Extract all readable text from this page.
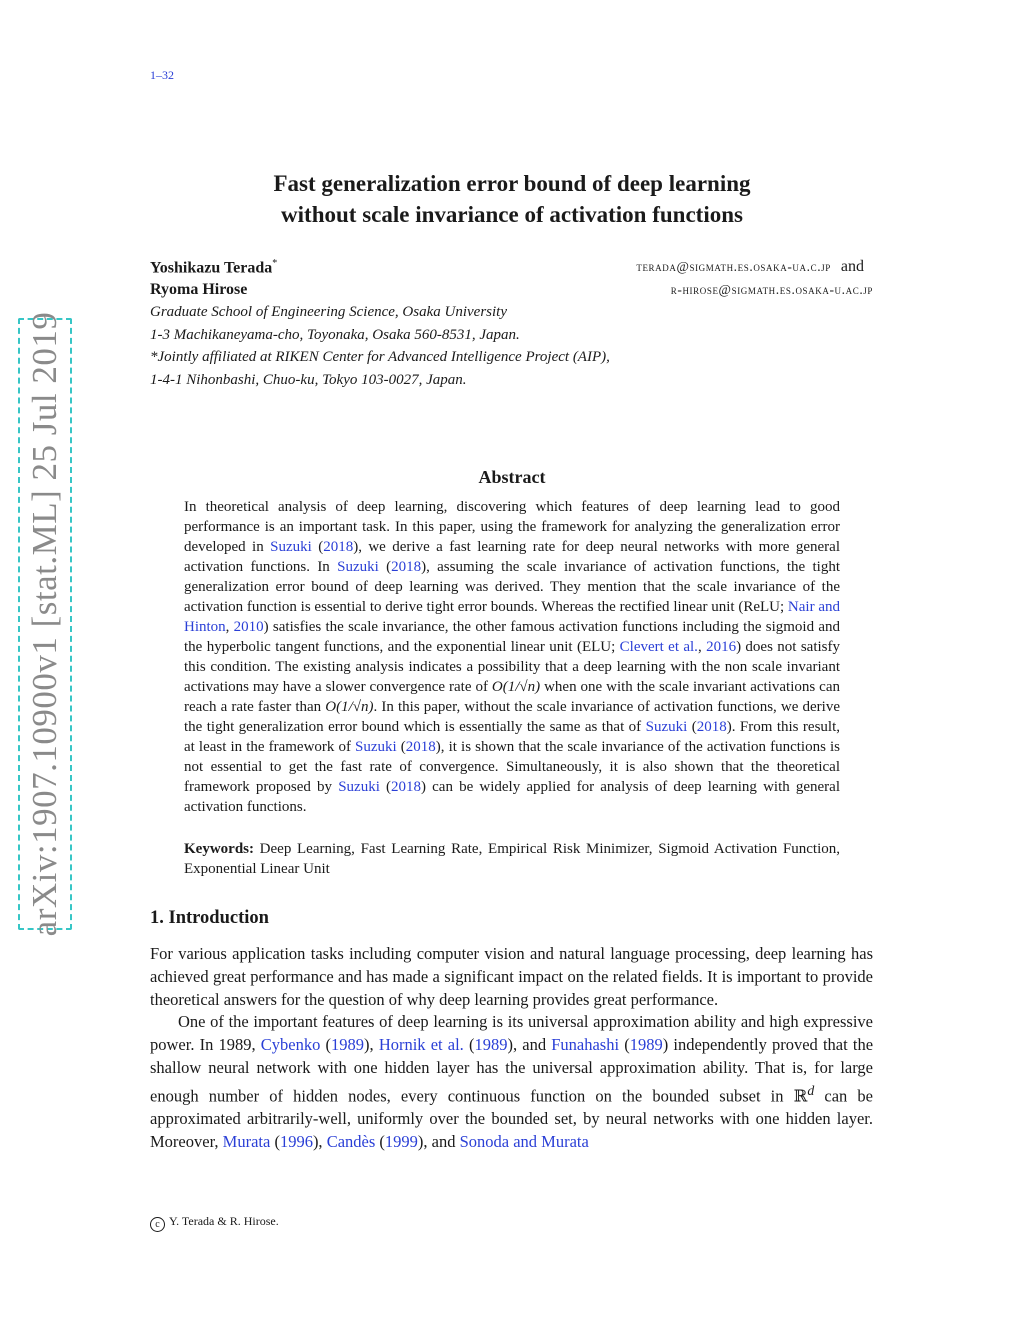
1–32
Fast generalization error bound of deep learning
without scale invariance of activation functions
Yoshikazu Terada*	terada@sigmath.es.osaka-ua.c.jp and
Ryoma Hirose	r-hirose@sigmath.es.osaka-u.ac.jp
Graduate School of Engineering Science, Osaka University
1-3 Machikaneyama-cho, Toyonaka, Osaka 560-8531, Japan.
*Jointly affiliated at RIKEN Center for Advanced Intelligence Project (AIP),
1-4-1 Nihonbashi, Chuo-ku, Tokyo 103-0027, Japan.
arXiv:1907.10900v1 [stat.ML] 25 Jul 2019	Abstract

In theoretical analysis of deep learning, discovering which features of deep learning lead to good performance is an important task. In this paper, using the framework for analyzing the generalization error developed in Suzuki (2018), we derive a fast learning rate for deep neural networks with more general activation functions. In Suzuki (2018), assuming the scale invariance of activation functions, the tight generalization error bound of deep learning was derived. They mention that the scale invariance of the activation function is essential to derive tight error bounds. Whereas the rectified linear unit (ReLU; Nair and Hinton, 2010) satisfies the scale invariance, the other famous activation functions including the sigmoid and the hyperbolic tangent functions, and the exponential linear unit (ELU; Clevert et al., 2016) does not satisfy this condition. The existing analysis indicates a possibility that a deep learning with the non scale invariant activations may have a slower convergence rate of O(1/√n) when one with the scale invariant activations can reach a rate faster than O(1/√n). In this paper, without the scale invariance of activation functions, we derive the tight generalization error bound which is essentially the same as that of Suzuki (2018). From this result, at least in the framework of Suzuki (2018), it is shown that the scale invariance of the activation functions is not essential to get the fast rate of convergence. Simultaneously, it is also shown that the theoretical framework proposed by Suzuki (2018) can be widely applied for analysis of deep learning with general activation functions.

Keywords: Deep Learning, Fast Learning Rate, Empirical Risk Minimizer, Sigmoid Activation Function, Exponential Linear Unit
1. Introduction

For various application tasks including computer vision and natural language processing, deep learning has achieved great performance and has made a significant impact on the related fields. It is important to provide theoretical answers for the question of why deep learning provides great performance.

One of the important features of deep learning is its universal approximation ability and high expressive power. In 1989, Cybenko (1989), Hornik et al. (1989), and Funahashi (1989) independently proved that the shallow neural network with one hidden layer has the universal approximation ability. That is, for large enough number of hidden nodes, every continuous function on the bounded subset in ℝ$^d$ can be approximated arbitrarily-well, uniformly over the bounded set, by neural networks with one hidden layer. Moreover, Murata (1996), Candès (1999), and Sonoda and Murata

c Y. Terada & R. Hirose.
